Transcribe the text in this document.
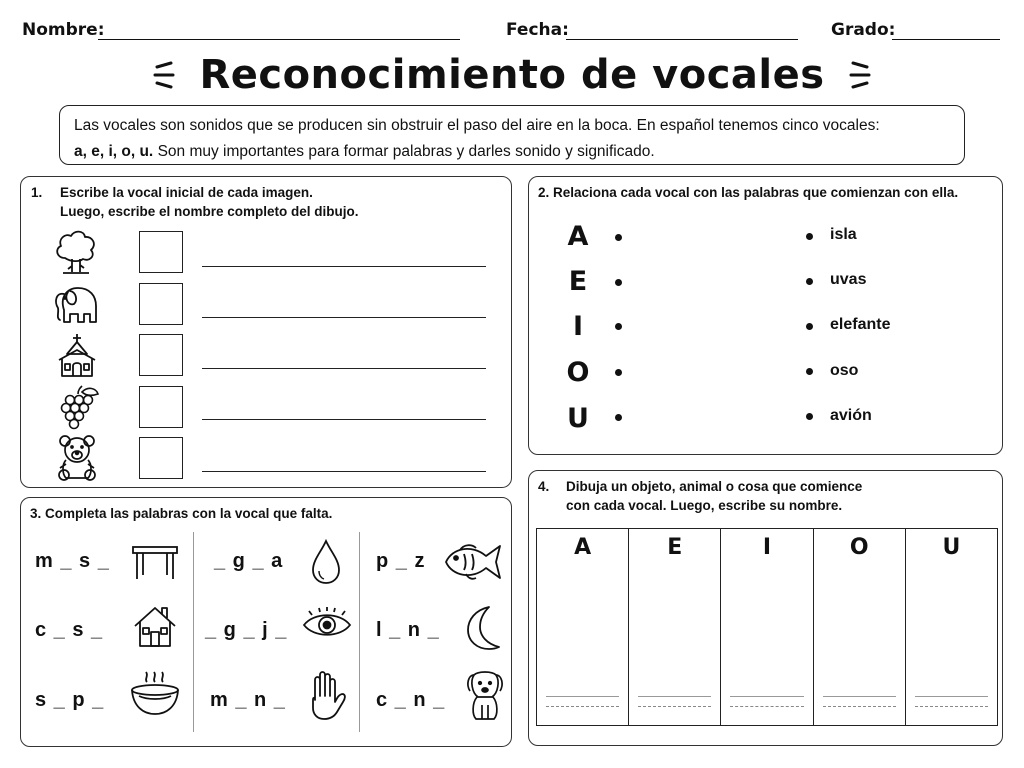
Nombre:	Fecha:	Grado:
Reconocimiento de vocales
Las vocales son sonidos que se producen sin obstruir el paso del aire en la boca. En español tenemos cinco vocales:
a, e, i, o, u. Son muy importantes para formar palabras y darles sonido y significado.
1. Escribe la vocal inicial de cada imagen.
Luego, escribe el nombre completo del dibujo.
2. Relaciona cada vocal con las palabras que comienzan con ella.
A
E
I
O
U
isla
uvas
elefante
oso
avión
3. Completa las palabras con la vocal que falta.
m _ s _
c _ s _
s _ p _
_ g _ a
_ g _ j _
m _ n _
p _ z
l _ n _
c _ n _
4. Dibuja un objeto, animal o cosa que comience
con cada vocal. Luego, escribe su nombre.
A	E	I	O	U
